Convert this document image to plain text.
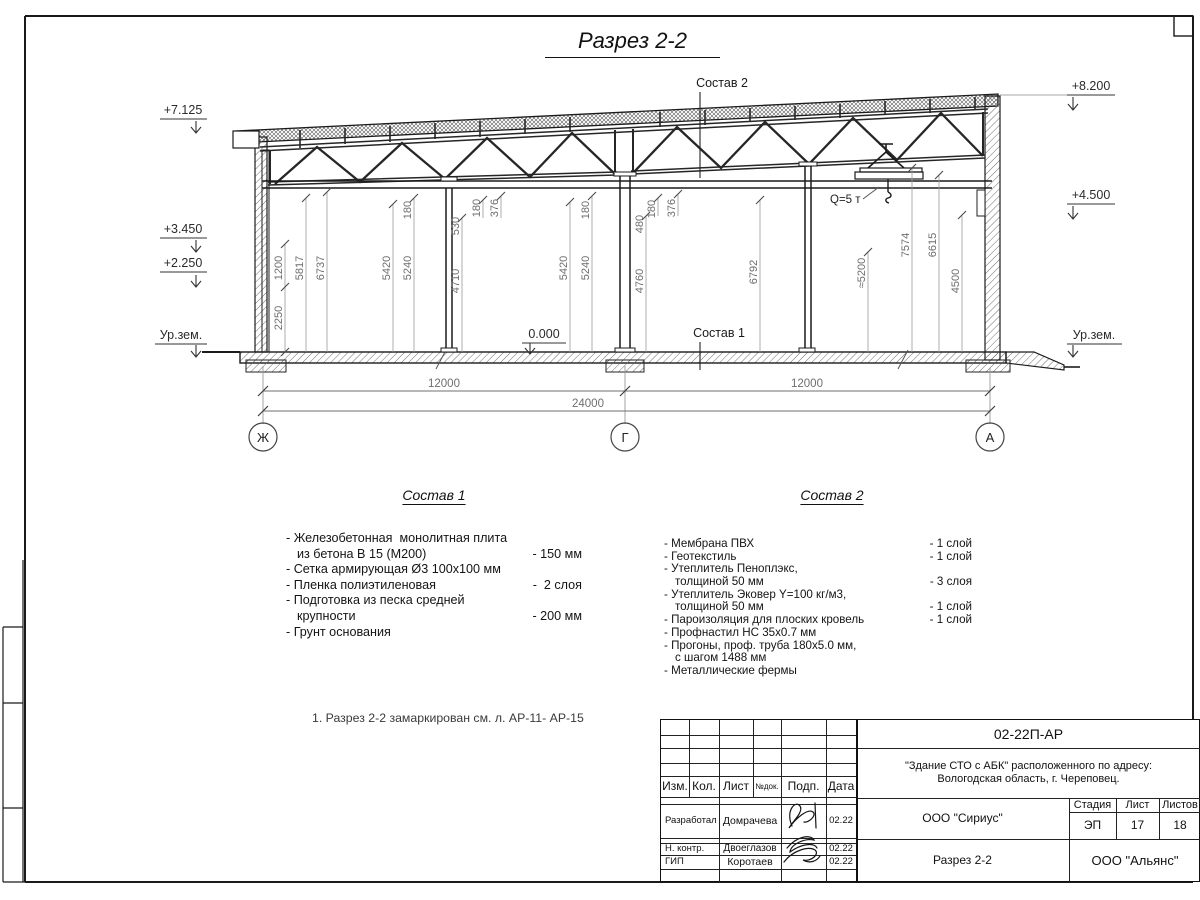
Q=5 т
1200
2250
5817 6737	5420 5240
180
530
4710
180 376
5420 5240
180
480
4760
180 376
6792	≈5200
7574 6615
4500
Состав 2
Состав 1
+7.125
+3.450
+2.250
Ур.зем.
+8.200
+4.500
Ур.зем.
0.000
12000	12000
24000
Ж	Г	А
Разрез 2-2
Состав 1
- Железобетонная  монолитная плита
из бетона В 15 (М200)	- 150 мм
- Сетка армирующая Ø3 100x100 мм
- Пленка полиэтиленовая	-  2 слоя
- Подготовка из песка средней
крупности	- 200 мм
- Грунт основания
Состав 2
- Мембрана ПВХ	- 1 слой
- Геотекстиль	- 1 слой
- Утеплитель Пеноплэкс,
толщиной 50 мм	- 3 слоя
- Утеплитель Эковер Y=100 кг/м3,
толщиной 50 мм	- 1 слой
- Пароизоляция для плоских кровель	- 1 слой
- Профнастил НС 35x0.7 мм
- Прогоны, проф. труба 180x5.0 мм,
с шагом 1488 мм
- Металлические фермы
1. Разрез 2-2 замаркирован см. л. АР-11- АР-15
Изм. Кол. Лист №док. Подп. Дата
Разработал Домрачева	02.22
Н. контр.	Двоеглазов	02.22
ГИП	Коротаев	02.22
02-22П-АР
"Здание СТО с АБК" расположенного по адресу:
Вологодская область, г. Череповец.
ООО "Сириус"
Разрез 2-2
Стадия	Лист	Листов
ЭП	17	18
ООО "Альянс"
